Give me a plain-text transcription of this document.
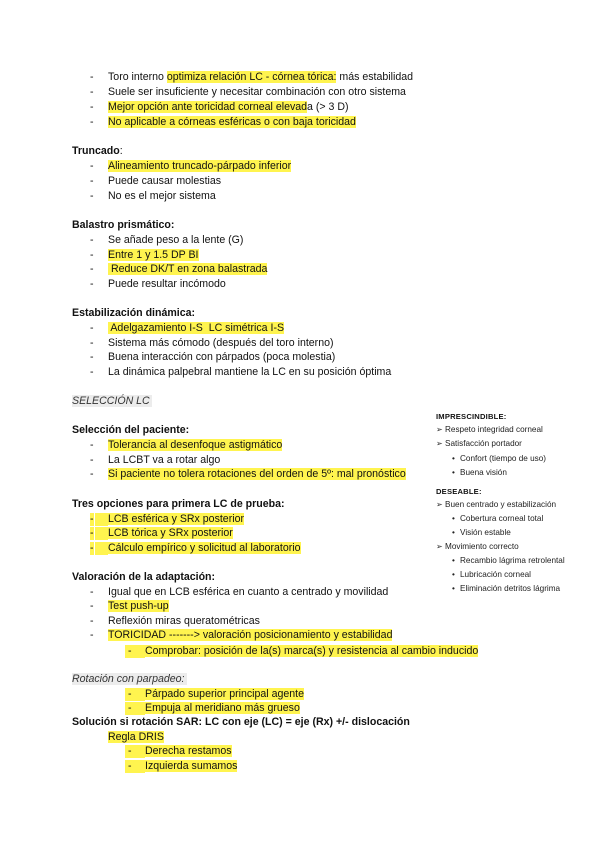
- Toro interno optimiza relación LC - córnea tórica: más estabilidad
- Suele ser insuficiente y necesitar combinación con otro sistema
- Mejor opción ante toricidad corneal elevada (> 3 D)
- No aplicable a córneas esféricas o con baja toricidad
Truncado:
- Alineamiento truncado-párpado inferior
- Puede causar molestias
- No es el mejor sistema
Balastro prismático:
- Se añade peso a la lente (G)
- Entre 1 y 1.5 DP BI
- Reduce DK/T en zona balastrada
- Puede resultar incómodo
Estabilización dinámica:
- Adelgazamiento I-S  LC simétrica I-S
- Sistema más cómodo (después del toro interno)
- Buena interacción con párpados (poca molestia)
- La dinámica palpebral mantiene la LC en su posición óptima
SELECCIÓN LC
Selección del paciente:
- Tolerancia al desenfoque astigmático
- La LCBT va a rotar algo
- Si paciente no tolera rotaciones del orden de 5º: mal pronóstico
Tres opciones para primera LC de prueba:
-
LCB esférica y SRx posterior
-
LCB tórica y SRx posterior
-
Cálculo empírico y solicitud al laboratorio
Valoración de la adaptación:
- Igual que en LCB esférica en cuanto a centrado y movilidad
- Test push-up
- Reflexión miras queratométricas
- TORICIDAD -------> valoración posicionamiento y estabilidad

- Comprobar: posición de la(s) marca(s) y resistencia al cambio inducido
Rotación con parpadeo:

- Párpado superior principal agente

- Empuja al meridiano más grueso
Solución si rotación SAR: LC con eje (LC) = eje (Rx) +/- dislocación
Regla DRIS

- Derecha restamos

- Izquierda sumamos
IMPRESCINDIBLE:
➢ Respeto integridad corneal
➢ Satisfacción portador
• Confort (tiempo de uso)
• Buena visión
DESEABLE:
➢ Buen centrado y estabilización
• Cobertura corneal total
• Visión estable
➢ Movimiento correcto
• Recambio lágrima retrolental
• Lubricación corneal
• Eliminación detritos lágrima
